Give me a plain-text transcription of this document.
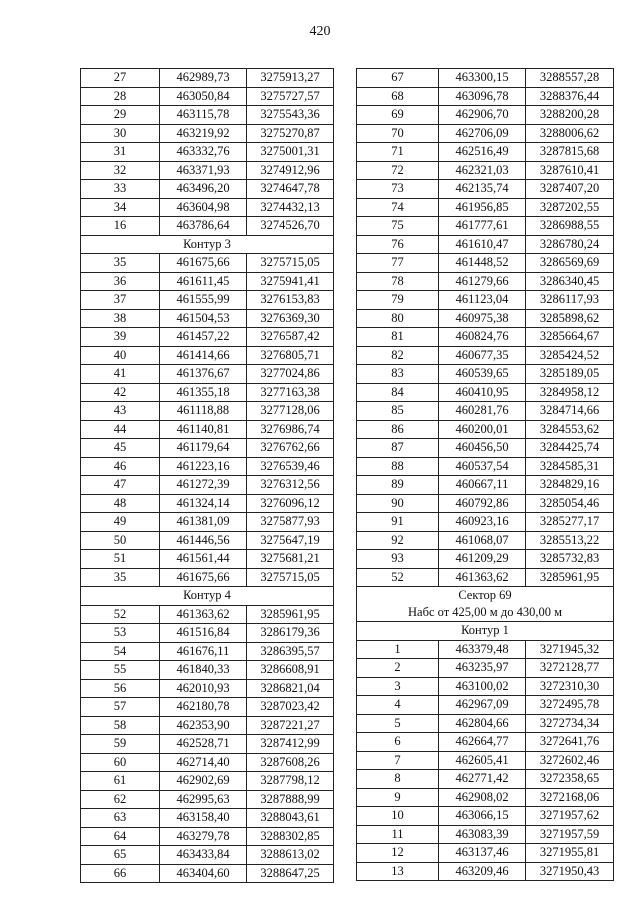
420
27	462989,73	3275913,27
28	463050,84	3275727,57
29	463115,78	3275543,36
30	463219,92	3275270,87
31	463332,76	3275001,31
32	463371,93	3274912,96
33	463496,20	3274647,78
34	463604,98	3274432,13
16	463786,64	3274526,70
Контур 3		
35	461675,66	3275715,05
36	461611,45	3275941,41
37	461555,99	3276153,83
38	461504,53	3276369,30
39	461457,22	3276587,42
40	461414,66	3276805,71
41	461376,67	3277024,86
42	461355,18	3277163,38
43	461118,88	3277128,06
44	461140,81	3276986,74
45	461179,64	3276762,66
46	461223,16	3276539,46
47	461272,39	3276312,56
48	461324,14	3276096,12
49	461381,09	3275877,93
50	461446,56	3275647,19
51	461561,44	3275681,21
35	461675,66	3275715,05
Контур 4		
52	461363,62	3285961,95
53	461516,84	3286179,36
54	461676,11	3286395,57
55	461840,33	3286608,91
56	462010,93	3286821,04
57	462180,78	3287023,42
58	462353,90	3287221,27
59	462528,71	3287412,99
60	462714,40	3287608,26
61	462902,69	3287798,12
62	462995,63	3287888,99
63	463158,40	3288043,61
64	463279,78	3288302,85
65	463433,84	3288613,02
66	463404,60	3288647,25
67	463300,15	3288557,28
68	463096,78	3288376,44
69	462906,70	3288200,28
70	462706,09	3288006,62
71	462516,49	3287815,68
72	462321,03	3287610,41
73	462135,74	3287407,20
74	461956,85	3287202,55
75	461777,61	3286988,55
76	461610,47	3286780,24
77	461448,52	3286569,69
78	461279,66	3286340,45
79	461123,04	3286117,93
80	460975,38	3285898,62
81	460824,76	3285664,67
82	460677,35	3285424,52
83	460539,65	3285189,05
84	460410,95	3284958,12
85	460281,76	3284714,66
86	460200,01	3284553,62
87	460456,50	3284425,74
88	460537,54	3284585,31
89	460667,11	3284829,16
90	460792,86	3285054,46
91	460923,16	3285277,17
92	461068,07	3285513,22
93	461209,29	3285732,83
52	461363,62	3285961,95

Сектор 69
Hабс от 425,00 м до 430,00 м		

Контур 1		
1	463379,48	3271945,32
2	463235,97	3272128,77
3	463100,02	3272310,30
4	462967,09	3272495,78
5	462804,66	3272734,34
6	462664,77	3272641,76
7	462605,41	3272602,46
8	462771,42	3272358,65
9	462908,02	3272168,06
10	463066,15	3271957,62
11	463083,39	3271957,59
12	463137,46	3271955,81
13	463209,46	3271950,43
